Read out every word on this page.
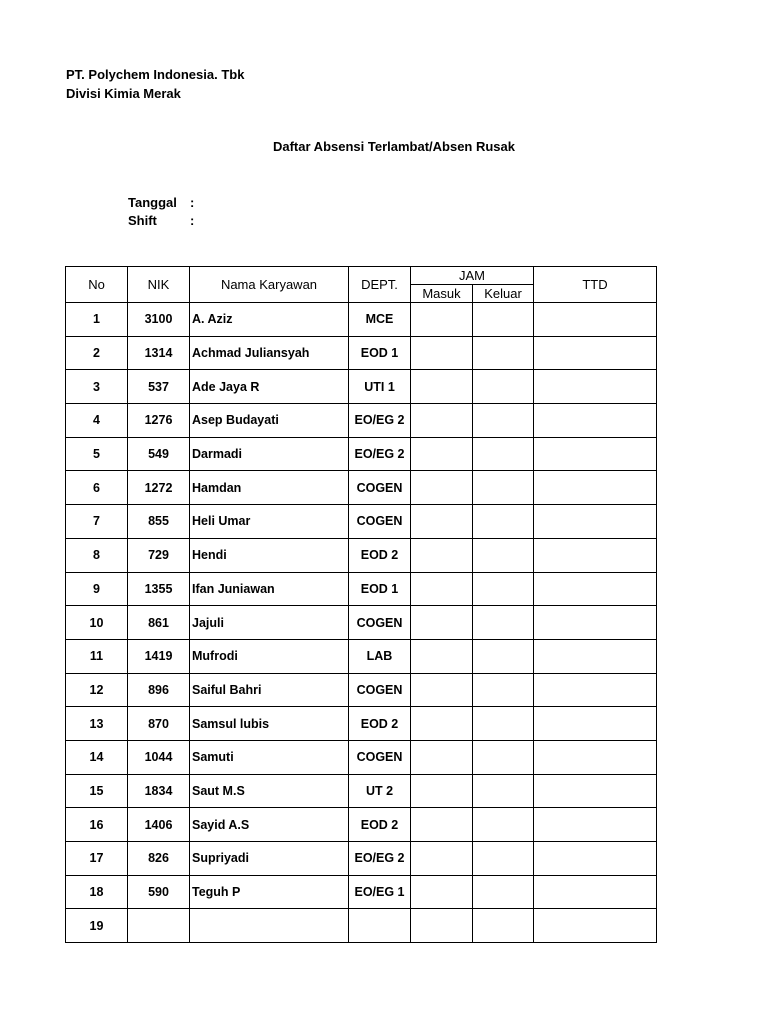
PT. Polychem Indonesia. Tbk
Divisi Kimia Merak
Daftar Absensi Terlambat/Absen Rusak
Tanggal :
Shift	:
No	NIK	Nama Karyawan	DEPT.	JAM		TTD
				Masuk	Keluar	
1	3100	A. Aziz	MCE			
2	1314	Achmad Juliansyah	EOD 1			
3	537	Ade Jaya R	UTI 1			
4	1276	Asep Budayati	EO/EG 2			
5	549	Darmadi	EO/EG 2			
6	1272	Hamdan	COGEN			
7	855	Heli Umar	COGEN			
8	729	Hendi	EOD 2			
9	1355	Ifan Juniawan	EOD 1			
10	861	Jajuli	COGEN			
11	1419	Mufrodi	LAB			
12	896	Saiful Bahri	COGEN			
13	870	Samsul lubis	EOD 2			
14	1044	Samuti	COGEN			
15	1834	Saut M.S	UT 2			
16	1406	Sayid A.S	EOD 2			
17	826	Supriyadi	EO/EG 2			
18	590	Teguh P	EO/EG 1			
19						
